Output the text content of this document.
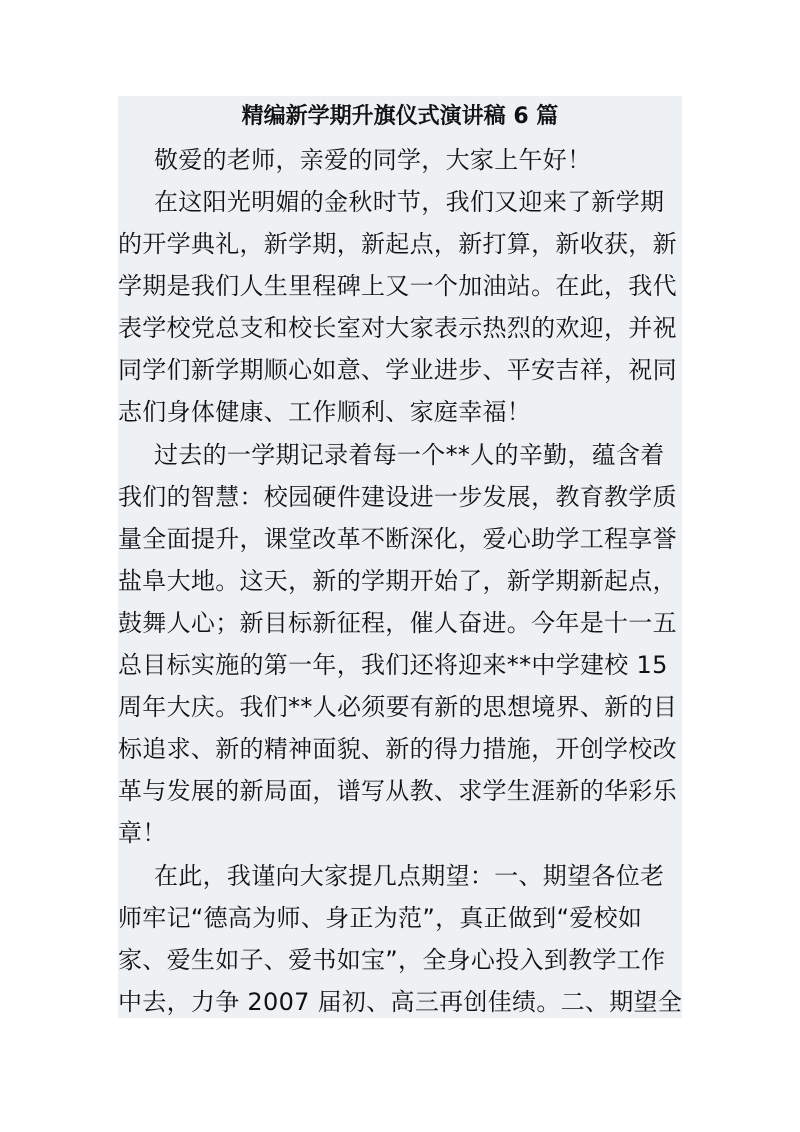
精编新学期升旗仪式演讲稿 6 篇
敬爱的老师，亲爱的同学，大家上午好！
在这阳光明媚的金秋时节，我们又迎来了新学期
的开学典礼，新学期，新起点，新打算，新收获，新
学期是我们人生里程碑上又一个加油站。在此，我代
表学校党总支和校长室对大家表示热烈的欢迎，并祝
同学们新学期顺心如意、学业进步、平安吉祥，祝同
志们身体健康、工作顺利、家庭幸福！
过去的一学期记录着每一个**人的辛勤，蕴含着
我们的智慧：校园硬件建设进一步发展，教育教学质
量全面提升，课堂改革不断深化，爱心助学工程享誉
盐阜大地。这天，新的学期开始了，新学期新起点，
鼓舞人心；新目标新征程，催人奋进。今年是十一五
总目标实施的第一年，我们还将迎来**中学建校 15
周年大庆。我们**人必须要有新的思想境界、新的目
标追求、新的精神面貌、新的得力措施，开创学校改
革与发展的新局面，谱写从教、求学生涯新的华彩乐
章！
在此，我谨向大家提几点期望：一、期望各位老
师牢记“德高为师、身正为范”，真正做到“爱校如
家、爱生如子、爱书如宝”，全身心投入到教学工作
中去，力争 2007 届初、高三再创佳绩。二、期望全
